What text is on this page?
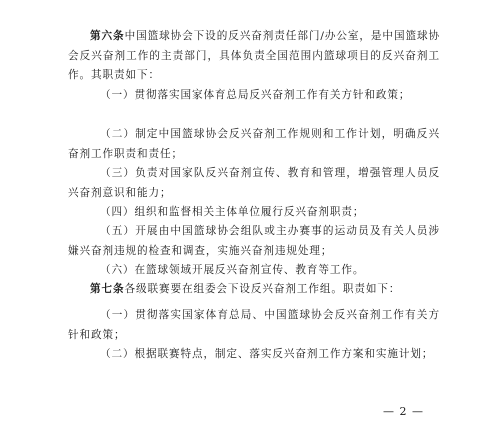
第六条中国篮球协会下设的反兴奋剂责任部门/办公室，是中国篮球协会反兴奋剂工作的主责部门，具体负责全国范围内篮球项目的反兴奋剂工作。其职责如下：

（一）贯彻落实国家体育总局反兴奋剂工作有关方针和政策；

（二）制定中国篮球协会反兴奋剂工作规则和工作计划，明确反兴奋剂工作职责和责任；

（三）负责对国家队反兴奋剂宣传、教育和管理，增强管理人员反兴奋剂意识和能力；

（四）组织和监督相关主体单位履行反兴奋剂职责；

（五）开展由中国篮球协会组队或主办赛事的运动员及有关人员涉嫌兴奋剂违规的检查和调查，实施兴奋剂违规处理；

（六）在篮球领域开展反兴奋剂宣传、教育等工作。

第七条各级联赛要在组委会下设反兴奋剂工作组。职责如下：

（一）贯彻落实国家体育总局、中国篮球协会反兴奋剂工作有关方针和政策；

（二）根据联赛特点，制定、落实反兴奋剂工作方案和实施计划；

— 2 —
